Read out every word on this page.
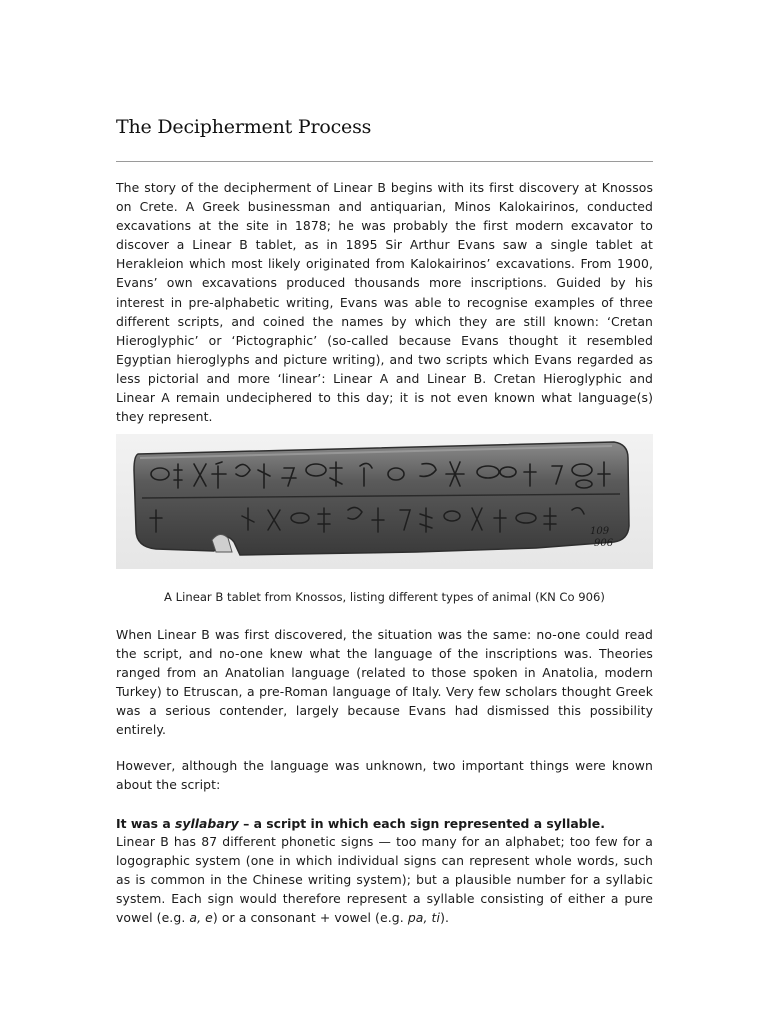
The Decipherment Process

The story of the decipherment of Linear B begins with its first discovery at Knossos on Crete. A Greek businessman and antiquarian, Minos Kalokairinos, conducted excavations at the site in 1878; he was probably the first modern excavator to discover a Linear B tablet, as in 1895 Sir Arthur Evans saw a single tablet at Herakleion which most likely originated from Kalokairinos’ excavations. From 1900, Evans’ own excavations produced thousands more inscriptions. Guided by his interest in pre-alphabetic writing, Evans was able to recognise examples of three different scripts, and coined the names by which they are still known: ‘Cretan Hieroglyphic’ or ‘Pictographic’ (so-called because Evans thought it resembled Egyptian hieroglyphs and picture writing), and two scripts which Evans regarded as less pictorial and more ‘linear’: Linear A and Linear B. Cretan Hieroglyphic and Linear A remain undeciphered to this day; it is not even known what language(s) they represent.

109
906

A Linear B tablet from Knossos, listing different types of animal (KN Co 906)

When Linear B was first discovered, the situation was the same: no-one could read the script, and no-one knew what the language of the inscriptions was. Theories ranged from an Anatolian language (related to those spoken in Anatolia, modern Turkey) to Etruscan, a pre-Roman language of Italy. Very few scholars thought Greek was a serious contender, largely because Evans had dismissed this possibility entirely.

However, although the language was unknown, two important things were known about the script:

It was a syllabary – a script in which each sign represented a syllable.

Linear B has 87 different phonetic signs — too many for an alphabet; too few for a logographic system (one in which individual signs can represent whole words, such as is common in the Chinese writing system); but a plausible number for a syllabic system. Each sign would therefore represent a syllable consisting of either a pure vowel (e.g. a, e) or a consonant + vowel (e.g. pa, ti).
